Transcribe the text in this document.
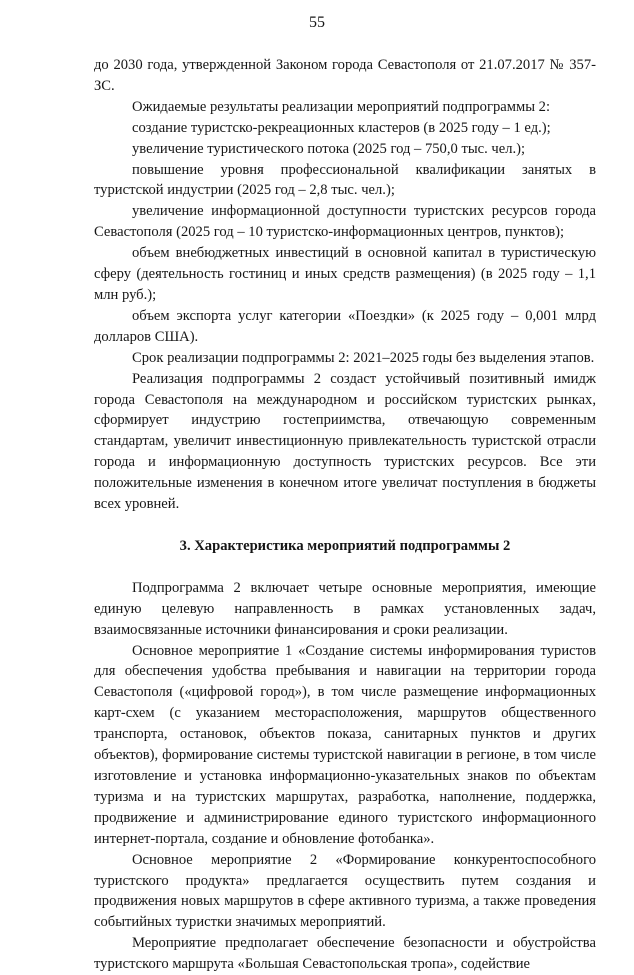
55

до 2030 года, утвержденной Законом города Севастополя от 21.07.2017 № 357-ЗС.

Ожидаемые результаты реализации мероприятий подпрограммы 2:

создание туристско-рекреационных кластеров (в 2025 году – 1 ед.);

увеличение туристического потока (2025 год – 750,0 тыс. чел.);

повышение уровня профессиональной квалификации занятых в туристской индустрии (2025 год – 2,8 тыс. чел.);

увеличение информационной доступности туристских ресурсов города Севастополя (2025 год – 10 туристско-информационных центров, пунктов);

объем внебюджетных инвестиций в основной капитал в туристическую сферу (деятельность гостиниц и иных средств размещения) (в 2025 году – 1,1 млн руб.);

объем экспорта услуг категории «Поездки» (к 2025 году – 0,001 млрд долларов США).

Срок реализации подпрограммы 2: 2021–2025 годы без выделения этапов.

Реализация подпрограммы 2 создаст устойчивый позитивный имидж города Севастополя на международном и российском туристских рынках, сформирует индустрию гостеприимства, отвечающую современным стандартам, увеличит инвестиционную привлекательность туристской отрасли города и информационную доступность туристских ресурсов. Все эти положительные изменения в конечном итоге увеличат поступления в бюджеты всех уровней.

3. Характеристика мероприятий подпрограммы 2

Подпрограмма 2 включает четыре основные мероприятия, имеющие единую целевую направленность в рамках установленных задач, взаимосвязанные источники финансирования и сроки реализации.

Основное мероприятие 1 «Создание системы информирования туристов для обеспечения удобства пребывания и навигации на территории города Севастополя («цифровой город»), в том числе размещение информационных карт-схем (с указанием месторасположения, маршрутов общественного транспорта, остановок, объектов показа, санитарных пунктов и других объектов), формирование системы туристской навигации в регионе, в том числе изготовление и установка информационно-указательных знаков по объектам туризма и на туристских маршрутах, разработка, наполнение, поддержка, продвижение и администрирование единого туристского информационного интернет-портала, создание и обновление фотобанка».

Основное мероприятие 2 «Формирование конкурентоспособного туристского продукта» предлагается осуществить путем создания и продвижения новых маршрутов в сфере активного туризма, а также проведения событийных туристки значимых мероприятий.

Мероприятие предполагает обеспечение безопасности и обустройства туристского маршрута «Большая Севастопольская тропа», содействие
